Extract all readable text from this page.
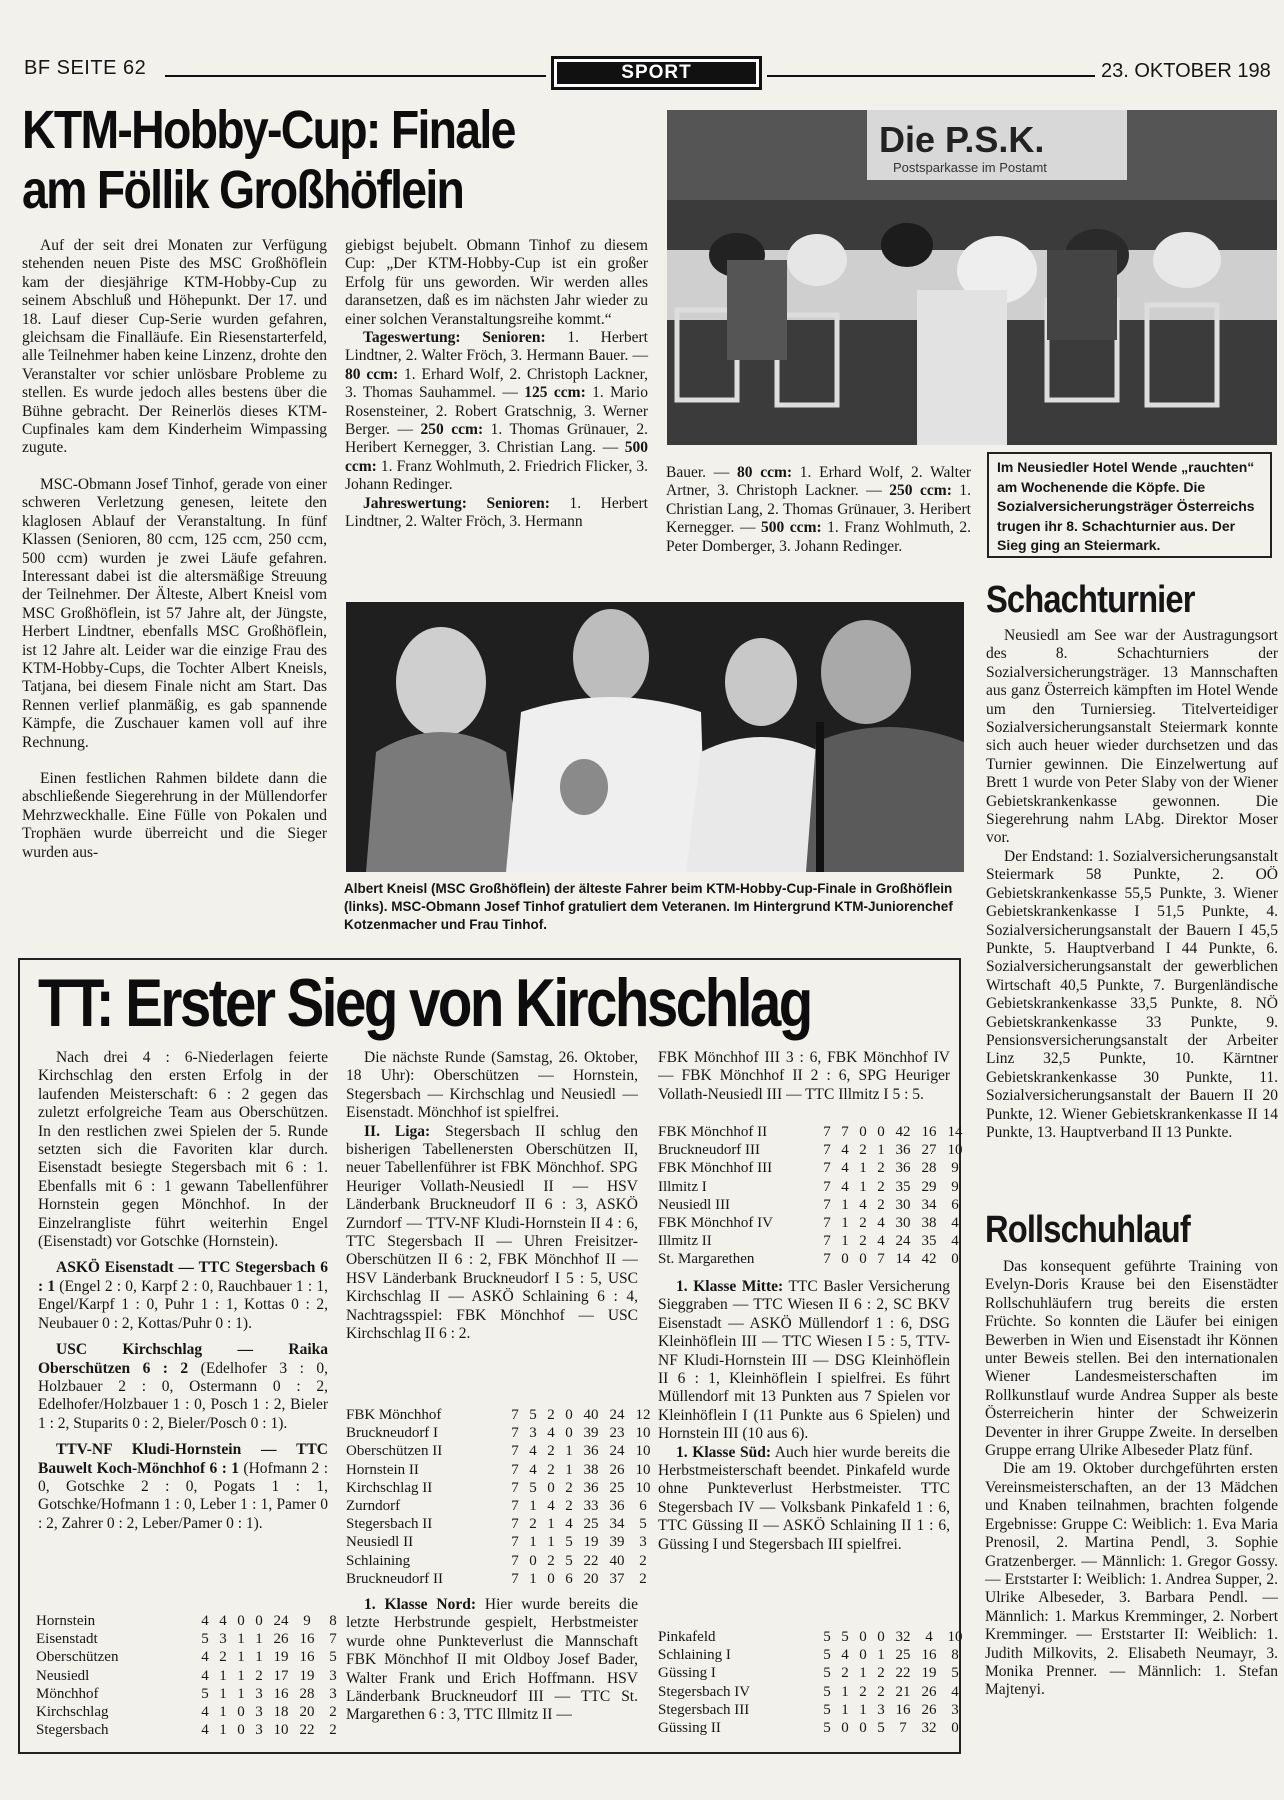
BF SEITE 62	SPORT	23. OKTOBER 198
KTM-Hobby-Cup: Finale
am Föllik Großhöflein

Auf der seit drei Monaten zur Verfügung stehenden neuen Piste des MSC Großhöflein kam der diesjährige KTM-Hobby-Cup zu seinem Abschluß und Höhepunkt. Der 17. und 18. Lauf dieser Cup-Serie wurden gefahren, gleichsam die Finalläufe. Ein Riesenstarterfeld, alle Teilnehmer haben keine Linzenz, drohte den Veranstalter vor schier unlösbare Probleme zu stellen. Es wurde jedoch alles bestens über die Bühne gebracht. Der Reinerlös dieses KTM-Cupfinales kam dem Kinderheim Wimpassing zugute.

MSC-Obmann Josef Tinhof, gerade von einer schweren Verletzung genesen, leitete den klaglosen Ablauf der Veranstaltung. In fünf Klassen (Senioren, 80 ccm, 125 ccm, 250 ccm, 500 ccm) wurden je zwei Läufe gefahren. Interessant dabei ist die altersmäßige Streuung der Teilnehmer. Der Älteste, Albert Kneisl vom MSC Großhöflein, ist 57 Jahre alt, der Jüngste, Herbert Lindtner, ebenfalls MSC Großhöflein, ist 12 Jahre alt. Leider war die einzige Frau des KTM-Hobby-Cups, die Tochter Albert Kneisls, Tatjana, bei diesem Finale nicht am Start. Das Rennen verlief planmäßig, es gab spannende Kämpfe, die Zuschauer kamen voll auf ihre Rechnung.

Einen festlichen Rahmen bildete dann die abschließende Siegerehrung in der Müllendorfer Mehrzweckhalle. Eine Fülle von Pokalen und Trophäen wurde überreicht und die Sieger wurden aus-

giebigst bejubelt. Obmann Tinhof zu diesem Cup: „Der KTM-Hobby-Cup ist ein großer Erfolg für uns geworden. Wir werden alles daransetzen, daß es im nächsten Jahr wieder zu einer solchen Veranstaltungsreihe kommt.“

Tageswertung: Senioren: 1. Herbert Lindtner, 2. Walter Fröch, 3. Hermann Bauer. — 80 ccm: 1. Erhard Wolf, 2. Christoph Lackner, 3. Thomas Sauhammel. — 125 ccm: 1. Mario Rosensteiner, 2. Robert Gratschnig, 3. Werner Berger. — 250 ccm: 1. Thomas Grünauer, 2. Heribert Kernegger, 3. Christian Lang. — 500 ccm: 1. Franz Wohlmuth, 2. Friedrich Flicker, 3. Johann Redinger.

Jahreswertung: Senioren: 1. Herbert Lindtner, 2. Walter Fröch, 3. Hermann

Bauer. — 80 ccm: 1. Erhard Wolf, 2. Walter Artner, 3. Christoph Lackner. — 250 ccm: 1. Christian Lang, 2. Thomas Grünauer, 3. Heribert Kernegger. — 500 ccm: 1. Franz Wohlmuth, 2. Peter Domberger, 3. Johann Redinger.

Die P.S.K.
Postsparkasse im Postamt
Im Neusiedler Hotel Wende „rauchten“ am Wochenende die Köpfe. Die Sozialversicherungsträger Österreichs trugen ihr 8. Schachturnier aus. Der Sieg ging an Steiermark.
Albert Kneisl (MSC Großhöflein) der älteste Fahrer beim KTM-Hobby-Cup-Finale in Großhöflein (links). MSC-Obmann Josef Tinhof gratuliert dem Veteranen. Im Hintergrund KTM-Juniorenchef Kotzenmacher und Frau Tinhof.
Schachturnier

Neusiedl am See war der Austragungsort des 8. Schachturniers der Sozialversicherungsträger. 13 Mannschaften aus ganz Österreich kämpften im Hotel Wende um den Turniersieg. Titelverteidiger Sozialversicherungsanstalt Steiermark konnte sich auch heuer wieder durchsetzen und das Turnier gewinnen. Die Einzelwertung auf Brett 1 wurde von Peter Slaby von der Wiener Gebietskrankenkasse gewonnen. Die Siegerehrung nahm LAbg. Direktor Moser vor.

Der Endstand: 1. Sozialversicherungsanstalt Steiermark 58 Punkte, 2. OÖ Gebietskrankenkasse 55,5 Punkte, 3. Wiener Gebietskrankenkasse I 51,5 Punkte, 4. Sozialversicherungsanstalt der Bauern I 45,5 Punkte, 5. Hauptverband I 44 Punkte, 6. Sozialversicherungsanstalt der gewerblichen Wirtschaft 40,5 Punkte, 7. Burgenländische Gebietskrankenkasse 33,5 Punkte, 8. NÖ Gebietskrankenkasse 33 Punkte, 9. Pensionsversicherungsanstalt der Arbeiter Linz 32,5 Punkte, 10. Kärntner Gebietskrankenkasse 30 Punkte, 11. Sozialversicherungsanstalt der Bauern II 20 Punkte, 12. Wiener Gebietskrankenkasse II 14 Punkte, 13. Hauptverband II 13 Punkte.

Rollschuhlauf

Das konsequent geführte Training von Evelyn-Doris Krause bei den Eisenstädter Rollschuhläufern trug bereits die ersten Früchte. So konnten die Läufer bei einigen Bewerben in Wien und Eisenstadt ihr Können unter Beweis stellen. Bei den internationalen Wiener Landesmeisterschaften im Rollkunstlauf wurde Andrea Supper als beste Österreicherin hinter der Schweizerin Deventer in ihrer Gruppe Zweite. In derselben Gruppe errang Ulrike Albeseder Platz fünf.

Die am 19. Oktober durchgeführten ersten Vereinsmeisterschaften, an der 13 Mädchen und Knaben teilnahmen, brachten folgende Ergebnisse: Gruppe C: Weiblich: 1. Eva Maria Prenosil, 2. Martina Pendl, 3. Sophie Gratzenberger. — Männlich: 1. Gregor Gossy. — Erststarter I: Weiblich: 1. Andrea Supper, 2. Ulrike Albeseder, 3. Barbara Pendl. — Männlich: 1. Markus Kremminger, 2. Norbert Kremminger. — Erststarter II: Weiblich: 1. Judith Milkovits, 2. Elisabeth Neumayr, 3. Monika Prenner. — Männlich: 1. Stefan Majtenyi.

TT: Erster Sieg von Kirchschlag

Nach drei 4 : 6-Niederlagen feierte Kirchschlag den ersten Erfolg in der laufenden Meisterschaft: 6 : 2 gegen das zuletzt erfolgreiche Team aus Oberschützen. In den restlichen zwei Spielen der 5. Runde setzten sich die Favoriten klar durch. Eisenstadt besiegte Stegersbach mit 6 : 1. Ebenfalls mit 6 : 1 gewann Tabellenführer Hornstein gegen Mönchhof. In der Einzelrangliste führt weiterhin Engel (Eisenstadt) vor Gotschke (Hornstein).

ASKÖ Eisenstadt — TTC Stegersbach 6 : 1 (Engel 2 : 0, Karpf 2 : 0, Rauchbauer 1 : 1, Engel/Karpf 1 : 0, Puhr 1 : 1, Kottas 0 : 2, Neubauer 0 : 2, Kottas/Puhr 0 : 1).

USC Kirchschlag — Raika Oberschützen 6 : 2 (Edelhofer 3 : 0, Holzbauer 2 : 0, Ostermann 0 : 2, Edelhofer/Holzbauer 1 : 0, Posch 1 : 2, Bieler 1 : 2, Stuparits 0 : 2, Bieler/Posch 0 : 1).

TTV-NF Kludi-Hornstein — TTC Bauwelt Koch-Mönchhof 6 : 1 (Hofmann 2 : 0, Gotschke 2 : 0, Pogats 1 : 1, Gotschke/Hofmann 1 : 0, Leber 1 : 1, Pamer 0 : 2, Zahrer 0 : 2, Leber/Pamer 0 : 1).

Hornstein	4	4	0	0	24	9	8
Eisenstadt	5	3	1	1	26	16	7
Oberschützen	4	2	1	1	19	16	5
Neusiedl	4	1	1	2	17	19	3
Mönchhof	5	1	1	3	16	28	3
Kirchschlag	4	1	0	3	18	20	2
Stegersbach	4	1	0	3	10	22	2

Die nächste Runde (Samstag, 26. Oktober, 18 Uhr): Oberschützen — Hornstein, Stegersbach — Kirchschlag und Neusiedl — Eisenstadt. Mönchhof ist spielfrei.

II. Liga: Stegersbach II schlug den bisherigen Tabellenersten Oberschützen II, neuer Tabellenführer ist FBK Mönchhof. SPG Heuriger Vollath-Neusiedl II — HSV Länderbank Bruckneudorf II 6 : 3, ASKÖ Zurndorf — TTV-NF Kludi-Hornstein II 4 : 6, TTC Stegersbach II — Uhren Freisitzer-Oberschützen II 6 : 2, FBK Mönchhof II — HSV Länderbank Bruckneudorf I 5 : 5, USC Kirchschlag II — ASKÖ Schlaining 6 : 4, Nachtragsspiel: FBK Mönchhof — USC Kirchschlag II 6 : 2.

FBK Mönchhof	7	5	2	0	40	24	12
Bruckneudorf I	7	3	4	0	39	23	10
Oberschützen II	7	4	2	1	36	24	10
Hornstein II	7	4	2	1	38	26	10
Kirchschlag II	7	5	0	2	36	25	10
Zurndorf	7	1	4	2	33	36	6
Stegersbach II	7	2	1	4	25	34	5
Neusiedl II	7	1	1	5	19	39	3
Schlaining	7	0	2	5	22	40	2
Bruckneudorf II	7	1	0	6	20	37	2

1. Klasse Nord: Hier wurde bereits die letzte Herbstrunde gespielt, Herbstmeister wurde ohne Punkteverlust die Mannschaft FBK Mönchhof II mit Oldboy Josef Bader, Walter Frank und Erich Hoffmann. HSV Länderbank Bruckneudorf III — TTC St. Margarethen 6 : 3, TTC Illmitz II —

FBK Mönchhof III 3 : 6, FBK Mönchhof IV — FBK Mönchhof II 2 : 6, SPG Heuriger Vollath-Neusiedl III — TTC Illmitz I 5 : 5.

FBK Mönchhof II	7	7	0	0	42	16	14
Bruckneudorf III	7	4	2	1	36	27	10
FBK Mönchhof III	7	4	1	2	36	28	9
Illmitz I	7	4	1	2	35	29	9
Neusiedl III	7	1	4	2	30	34	6
FBK Mönchhof IV	7	1	2	4	30	38	4
Illmitz II	7	1	2	4	24	35	4
St. Margarethen	7	0	0	7	14	42	0

1. Klasse Mitte: TTC Basler Versicherung Sieggraben — TTC Wiesen II 6 : 2, SC BKV Eisenstadt — ASKÖ Müllendorf 1 : 6, DSG Kleinhöflein III — TTC Wiesen I 5 : 5, TTV-NF Kludi-Hornstein III — DSG Kleinhöflein II 6 : 1, Kleinhöflein I spielfrei. Es führt Müllendorf mit 13 Punkten aus 7 Spielen vor Kleinhöflein I (11 Punkte aus 6 Spielen) und Hornstein III (10 aus 6).

1. Klasse Süd: Auch hier wurde bereits die Herbstmeisterschaft beendet. Pinkafeld wurde ohne Punkteverlust Herbstmeister. TTC Stegersbach IV — Volksbank Pinkafeld 1 : 6, TTC Güssing II — ASKÖ Schlaining II 1 : 6, Güssing I und Stegersbach III spielfrei.

Pinkafeld	5	5	0	0	32	4	10
Schlaining I	5	4	0	1	25	16	8
Güssing I	5	2	1	2	22	19	5
Stegersbach IV	5	1	2	2	21	26	4
Stegersbach III	5	1	1	3	16	26	3
Güssing II	5	0	0	5	7	32	0
